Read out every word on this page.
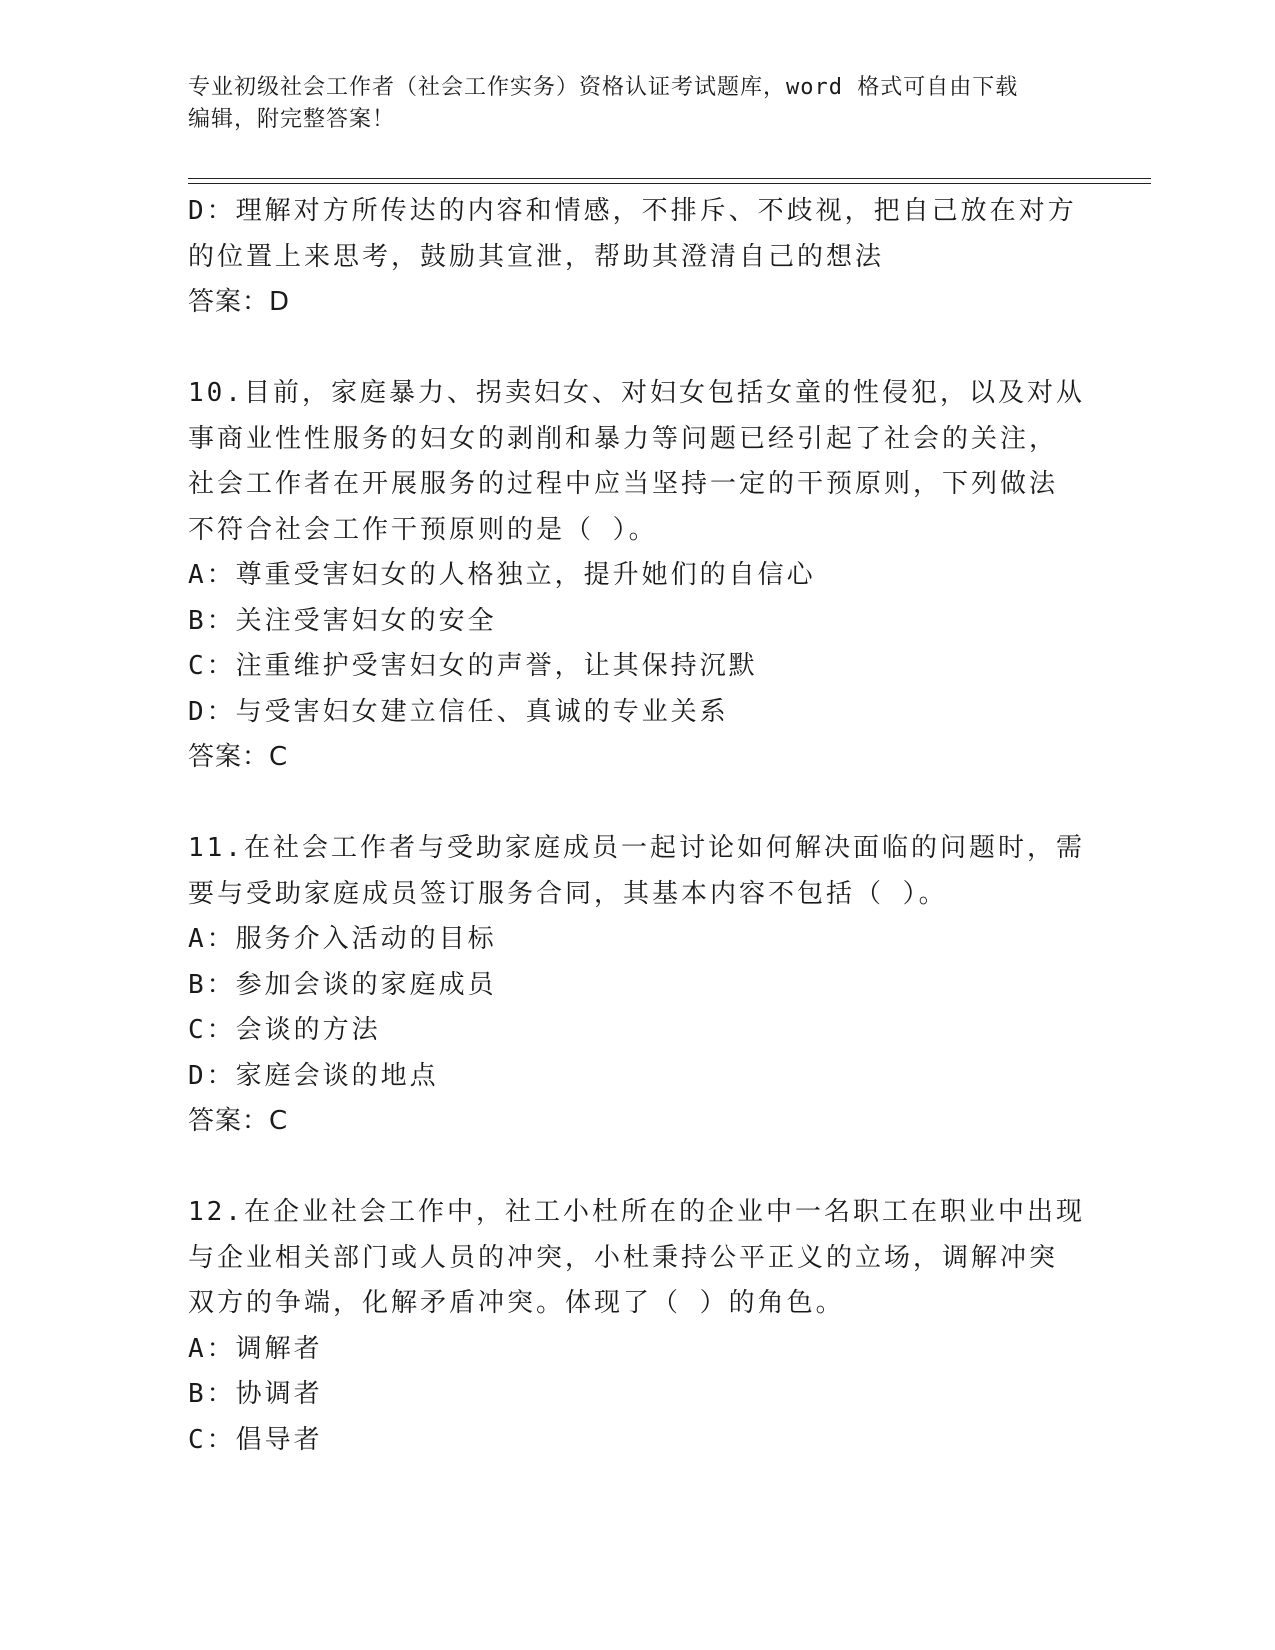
专业初级社会工作者（社会工作实务）资格认证考试题库，word 格式可自由下载
编辑，附完整答案！
D：理解对方所传达的内容和情感，不排斥、不歧视，把自己放在对方
的位置上来思考，鼓励其宣泄，帮助其澄清自己的想法
答案：D
10.目前，家庭暴力、拐卖妇女、对妇女包括女童的性侵犯，以及对从
事商业性性服务的妇女的剥削和暴力等问题已经引起了社会的关注，
社会工作者在开展服务的过程中应当坚持一定的干预原则，下列做法
不符合社会工作干预原则的是（ ）。
A：尊重受害妇女的人格独立，提升她们的自信心
B：关注受害妇女的安全
C：注重维护受害妇女的声誉，让其保持沉默
D：与受害妇女建立信任、真诚的专业关系
答案：C
11.在社会工作者与受助家庭成员一起讨论如何解决面临的问题时，需
要与受助家庭成员签订服务合同，其基本内容不包括（ ）。
A：服务介入活动的目标
B：参加会谈的家庭成员
C：会谈的方法
D：家庭会谈的地点
答案：C
12.在企业社会工作中，社工小杜所在的企业中一名职工在职业中出现
与企业相关部门或人员的冲突，小杜秉持公平正义的立场，调解冲突
双方的争端，化解矛盾冲突。体现了（ ）的角色。
A：调解者
B：协调者
C：倡导者
